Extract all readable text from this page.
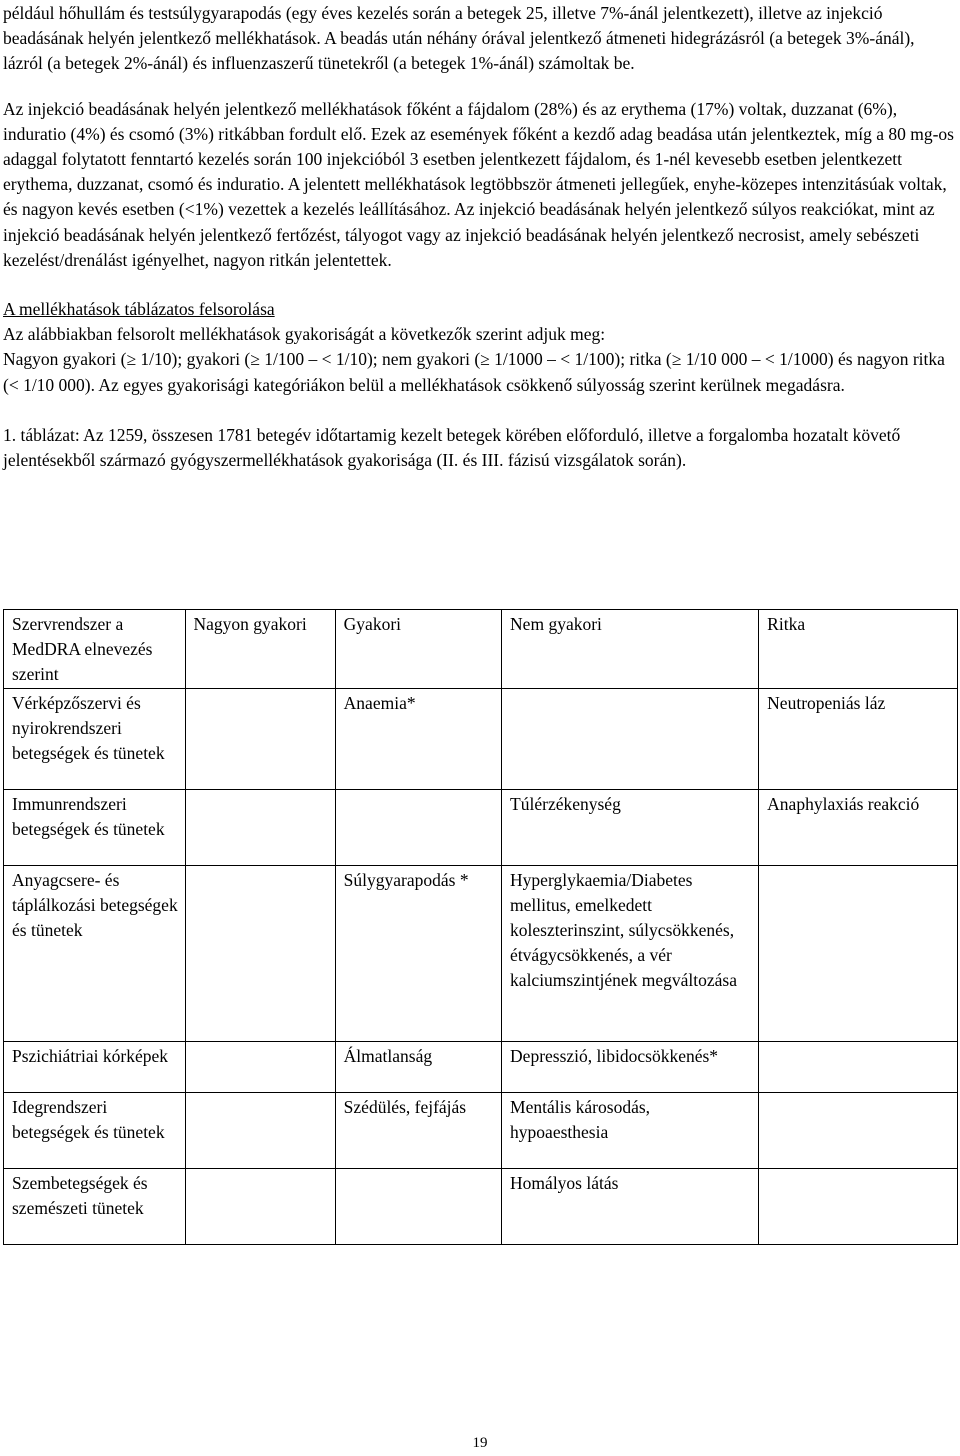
például hőhullám és testsúlygyarapodás (egy éves kezelés során a betegek 25, illetve 7%-ánál jelentkezett), illetve az injekció beadásának helyén jelentkező mellékhatások. A beadás után néhány órával jelentkező átmeneti hidegrázásról (a betegek 3%-ánál), lázról (a betegek 2%-ánál) és influenzaszerű tünetekről (a betegek 1%-ánál) számoltak be.

Az injekció beadásának helyén jelentkező mellékhatások főként a fájdalom (28%) és az erythema (17%) voltak, duzzanat (6%), induratio (4%) és csomó (3%) ritkábban fordult elő. Ezek az események főként a kezdő adag beadása után jelentkeztek, míg a 80 mg-os adaggal folytatott fenntartó kezelés során 100 injekcióból 3 esetben jelentkezett fájdalom, és 1-nél kevesebb esetben jelentkezett erythema, duzzanat, csomó és induratio. A jelentett mellékhatások legtöbbször átmeneti jellegűek, enyhe-közepes intenzitásúak voltak, és nagyon kevés esetben (<1%) vezettek a kezelés leállításához. Az injekció beadásának helyén jelentkező súlyos reakciókat, mint az injekció beadásának helyén jelentkező fertőzést, tályogot vagy az injekció beadásának helyén jelentkező necrosist, amely sebészeti kezelést/drenálást igényelhet, nagyon ritkán jelentettek.

A mellékhatások táblázatos felsorolása

Az alábbiakban felsorolt mellékhatások gyakoriságát a következők szerint adjuk meg:

Nagyon gyakori (≥ 1/10); gyakori (≥ 1/100 – < 1/10); nem gyakori (≥ 1/1000 – < 1/100); ritka (≥ 1/10 000 – < 1/1000) és nagyon ritka (< 1/10 000). Az egyes gyakorisági kategóriákon belül a mellékhatások csökkenő súlyosság szerint kerülnek megadásra.

1. táblázat: Az 1259, összesen 1781 betegév időtartamig kezelt betegek körében előforduló, illetve a forgalomba hozatalt követő jelentésekből származó gyógyszermellékhatások gyakorisága (II. és III. fázisú vizsgálatok során).

Szervrendszer a MedDRA elnevezés szerint	Nagyon gyakori	Gyakori	Nem gyakori	Ritka
Vérképzőszervi és nyirokrendszeri betegségek és tünetek		Anaemia*		Neutropeniás láz
Immunrendszeri betegségek és tünetek			Túlérzékenység	Anaphylaxiás reakció
Anyagcsere- és táplálkozási betegségek és tünetek		Súlygyarapodás *	Hyperglykaemia/Diabetes mellitus, emelkedett koleszterinszint, súlycsökkenés, étvágycsökkenés, a vér kalciumszintjének megváltozása	
Pszichiátriai kórképek		Álmatlanság	Depresszió, libidocsökkenés*	
Idegrendszeri betegségek és tünetek		Szédülés, fejfájás	Mentális károsodás, hypoaesthesia	
Szembetegségek és szemészeti tünetek			Homályos látás	
19
